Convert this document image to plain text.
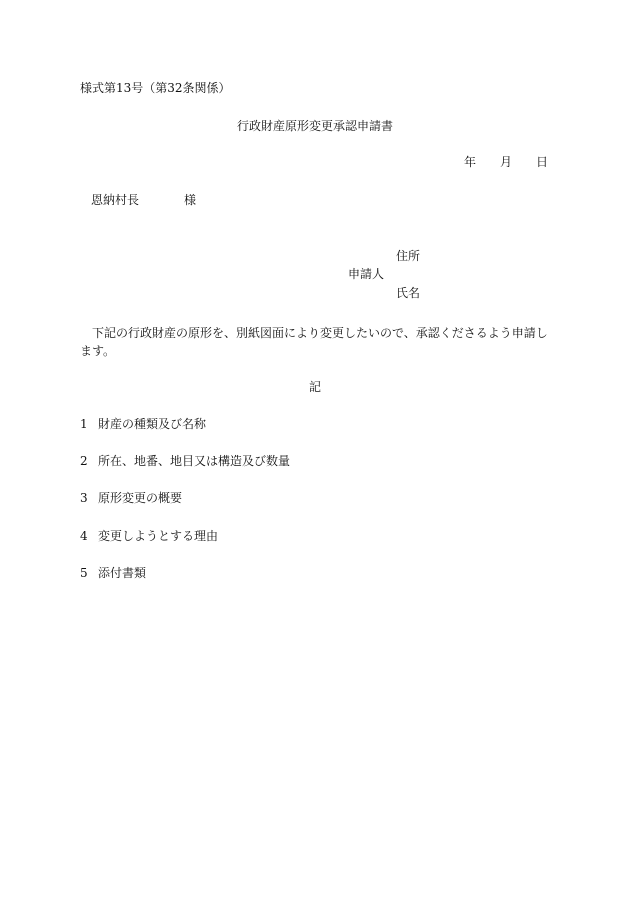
様式第13号（第32条関係）
行政財産原形変更承認申請書
年 月 日
恩納村長	様
住所
申請人
氏名
下記の行政財産の原形を、別紙図面により変更したいので、承認くださるよう申請します。
記
1 財産の種類及び名称
2 所在、地番、地目又は構造及び数量
3 原形変更の概要
4 変更しようとする理由
5 添付書類
